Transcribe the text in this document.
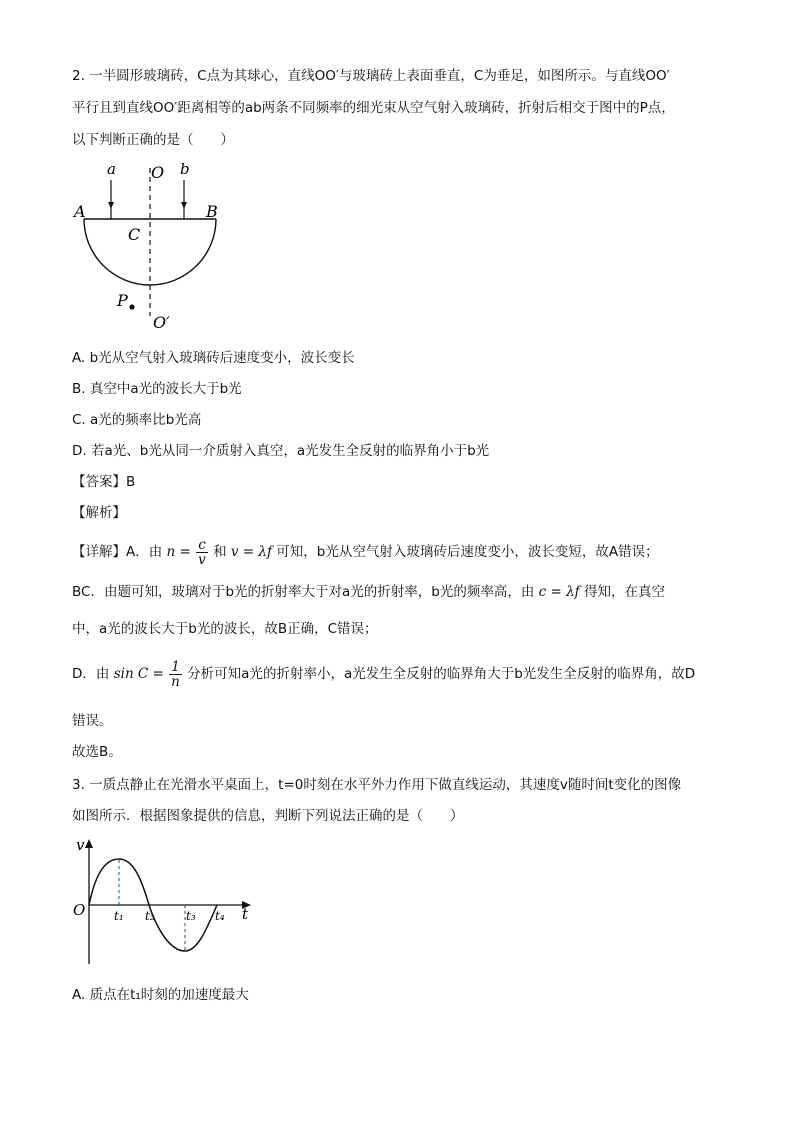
2. 一半圆形玻璃砖，C点为其球心，直线OO′与玻璃砖上表面垂直，C为垂足，如图所示。与直线OO′
平行且到直线OO′距离相等的ab两条不同频率的细光束从空气射入玻璃砖，折射后相交于图中的P点，
以下判断正确的是（　　）
a	b
O
A	B
C
P
O′
A. b光从空气射入玻璃砖后速度变小，波长变长
B. 真空中a光的波长大于b光
C. a光的频率比b光高
D. 若a光、b光从同一介质射入真空，a光发生全反射的临界角小于b光
【答案】B
【解析】
【详解】A．由 $n = \frac{c}{v}$ 和 v = λf 可知，b光从空气射入玻璃砖后速度变小，波长变短，故A错误；
BC．由题可知，玻璃对于b光的折射率大于对a光的折射率，b光的频率高，由 c = λf 得知，在真空
中，a光的波长大于b光的波长，故B正确，C错误；
D．由 $\sin C = \frac{1}{n}$ 分析可知a光的折射率小，a光发生全反射的临界角大于b光发生全反射的临界角，故D
错误。
故选B。
3. 一质点静止在光滑水平桌面上，t=0时刻在水平外力作用下做直线运动，其速度v随时间t变化的图像
如图所示．根据图象提供的信息，判断下列说法正确的是（　　）
v
O	t
t₁ t₂	t₃ t₄
A. 质点在t₁时刻的加速度最大
